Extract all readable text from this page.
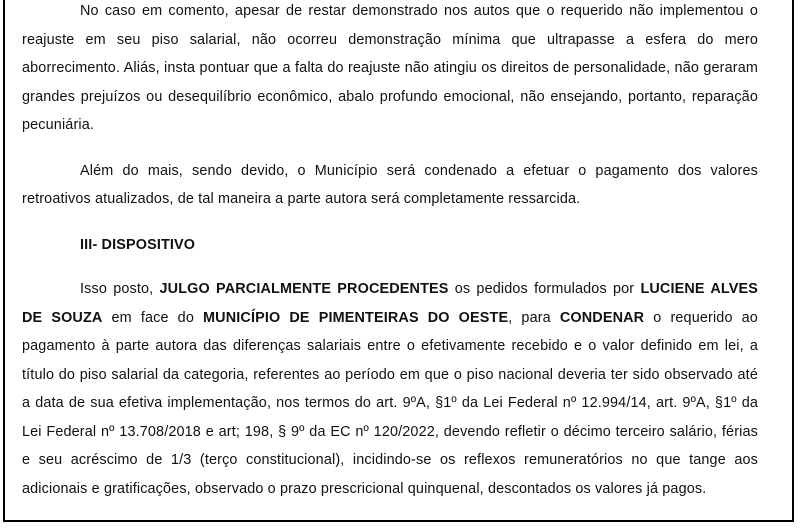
No caso em comento, apesar de restar demonstrado nos autos que o requerido não implementou o reajuste em seu piso salarial, não ocorreu demonstração mínima que ultrapasse a esfera do mero aborrecimento. Aliás, insta pontuar que a falta do reajuste não atingiu os direitos de personalidade, não geraram grandes prejuízos ou desequilíbrio econômico, abalo profundo emocional, não ensejando, portanto, reparação pecuniária.

Além do mais, sendo devido, o Município será condenado a efetuar o pagamento dos valores retroativos atualizados, de tal maneira a parte autora será completamente ressarcida.

III- DISPOSITIVO

Isso posto, JULGO PARCIALMENTE PROCEDENTES os pedidos formulados por LUCIENE ALVES DE SOUZA em face do MUNICÍPIO DE PIMENTEIRAS DO OESTE, para CONDENAR o requerido ao pagamento à parte autora das diferenças salariais entre o efetivamente recebido e o valor definido em lei, a título do piso salarial da categoria, referentes ao período em que o piso nacional deveria ter sido observado até a data de sua efetiva implementação, nos termos do art. 9ºA, §1º da Lei Federal nº 12.994/14, art. 9ºA, §1º da Lei Federal nº 13.708/2018 e art; 198, § 9º da EC nº 120/2022, devendo refletir o décimo terceiro salário, férias e seu acréscimo de 1/3 (terço constitucional), incidindo-se os reflexos remuneratórios no que tange aos adicionais e gratificações, observado o prazo prescricional quinquenal, descontados os valores já pagos.
